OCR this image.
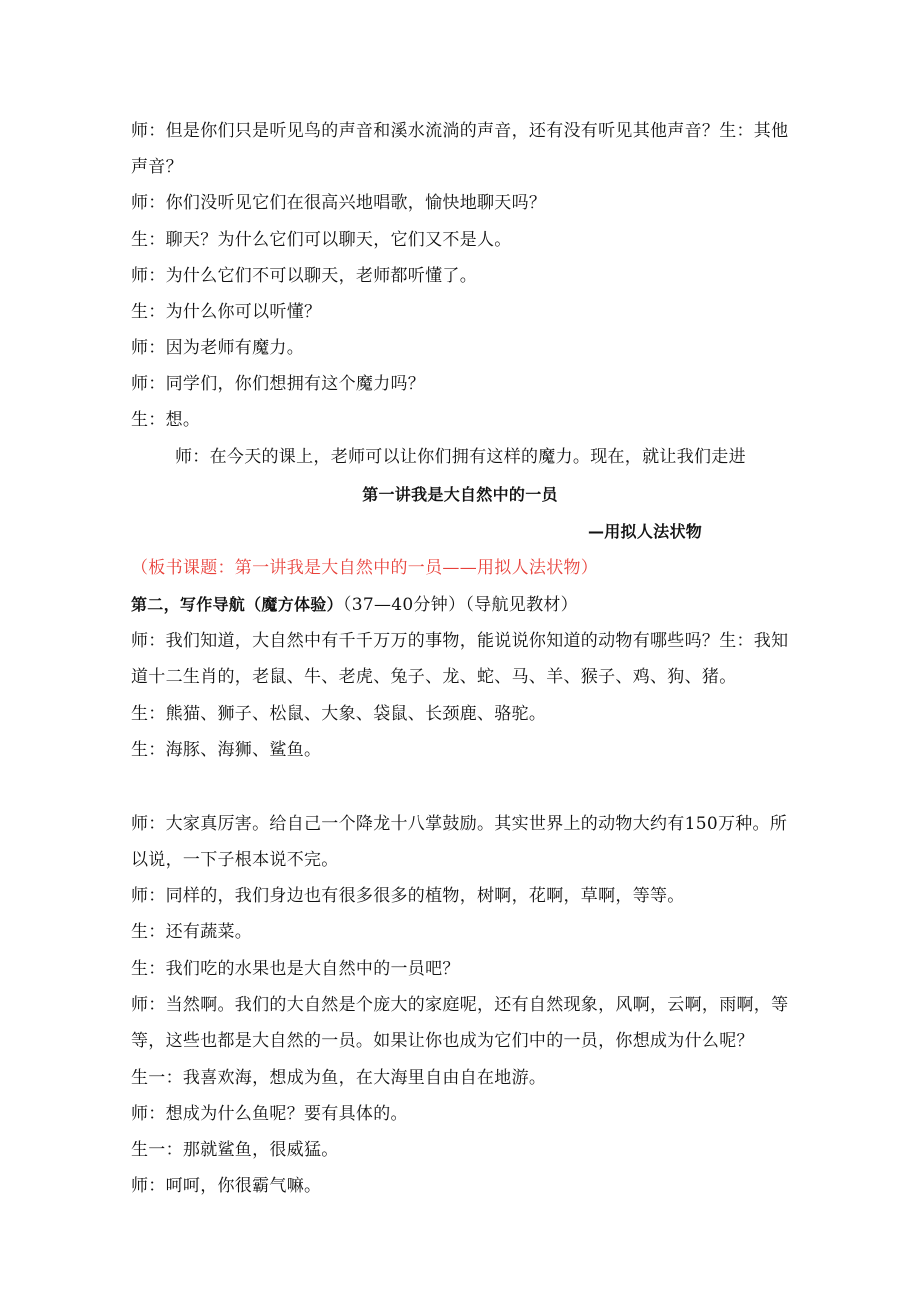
师：但是你们只是听见鸟的声音和溪水流淌的声音，还有没有听见其他声音？生：其他
声音？
师：你们没听见它们在很高兴地唱歌，愉快地聊天吗？
生：聊天？为什么它们可以聊天，它们又不是人。
师：为什么它们不可以聊天，老师都听懂了。
生：为什么你可以听懂？
师：因为老师有魔力。
师：同学们，你们想拥有这个魔力吗？
生：想。
师：在今天的课上，老师可以让你们拥有这样的魔力。现在，就让我们走进
第一讲我是大自然中的一员
—用拟人法状物
（板书课题：第一讲我是大自然中的一员——用拟人法状物）
第二，写作导航（魔方体验）（37—40分钟）（导航见教材）
师：我们知道，大自然中有千千万万的事物，能说说你知道的动物有哪些吗？生：我知
道十二生肖的，老鼠、牛、老虎、兔子、龙、蛇、马、羊、猴子、鸡、狗、猪。
生：熊猫、狮子、松鼠、大象、袋鼠、长颈鹿、骆驼。
生：海豚、海狮、鲨鱼。
师：大家真厉害。给自己一个降龙十八掌鼓励。其实世界上的动物大约有150万种。所
以说，一下子根本说不完。
师：同样的，我们身边也有很多很多的植物，树啊，花啊，草啊，等等。
生：还有蔬菜。
生：我们吃的水果也是大自然中的一员吧？
师：当然啊。我们的大自然是个庞大的家庭呢，还有自然现象，风啊，云啊，雨啊，等
等，这些也都是大自然的一员。如果让你也成为它们中的一员，你想成为什么呢？
生一：我喜欢海，想成为鱼，在大海里自由自在地游。
师：想成为什么鱼呢？要有具体的。
生一：那就鲨鱼，很威猛。
师：呵呵，你很霸气嘛。
